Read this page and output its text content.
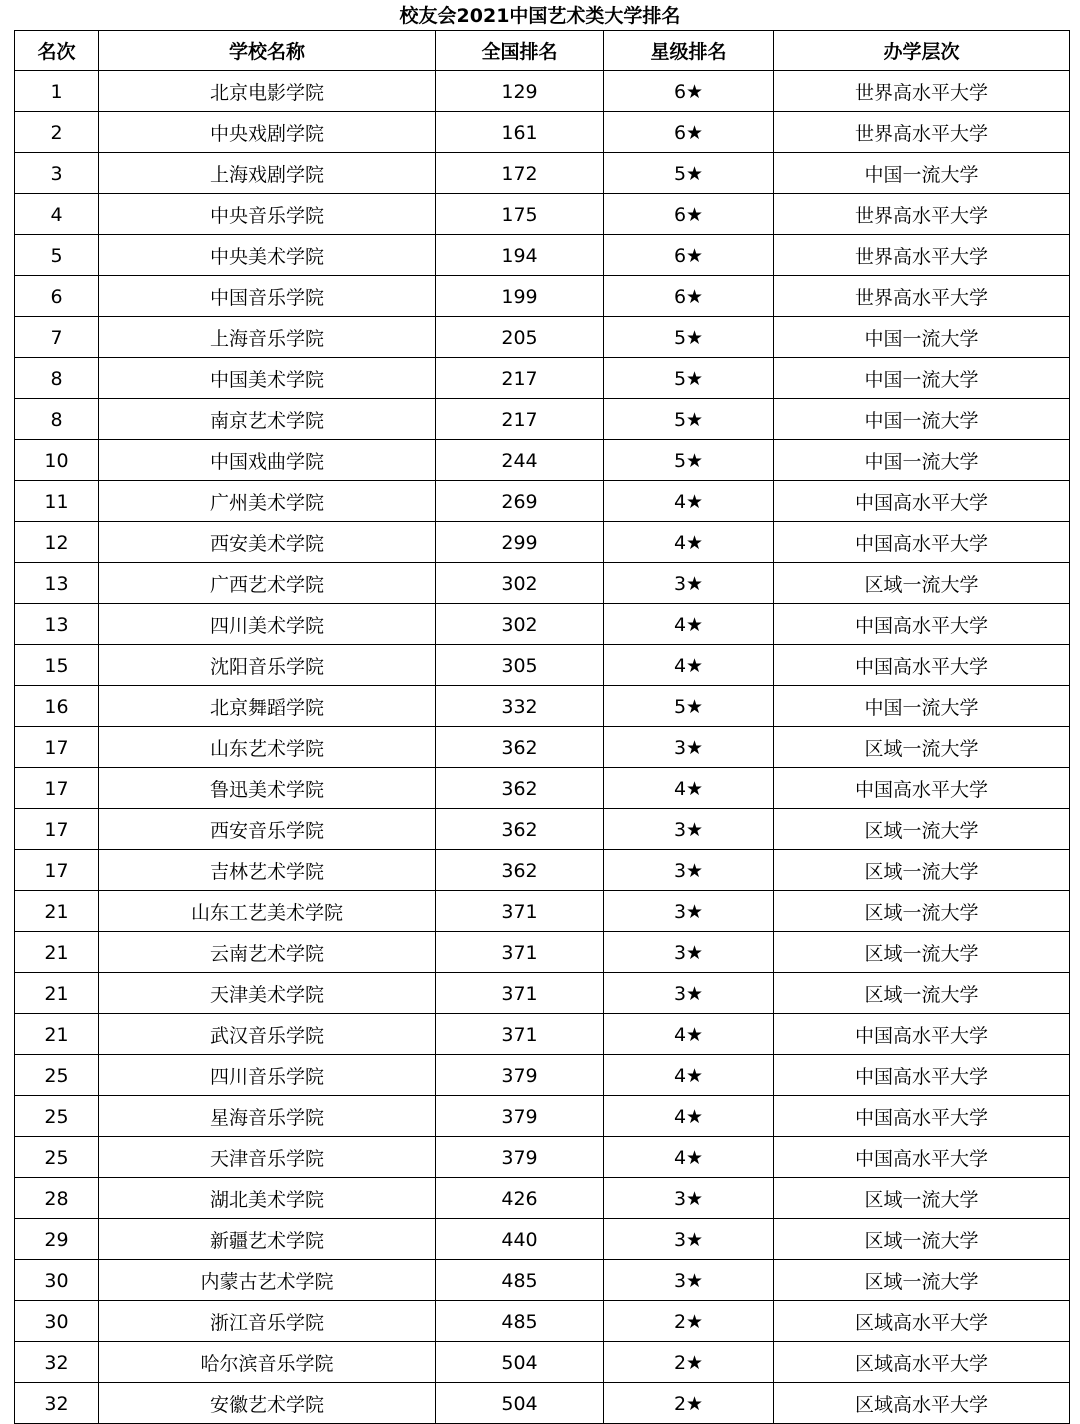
校友会2021中国艺术类大学排名
名次	学校名称	全国排名	星级排名	办学层次
1	北京电影学院	129	6★	世界高水平大学
2	中央戏剧学院	161	6★	世界高水平大学
3	上海戏剧学院	172	5★	中国一流大学
4	中央音乐学院	175	6★	世界高水平大学
5	中央美术学院	194	6★	世界高水平大学
6	中国音乐学院	199	6★	世界高水平大学
7	上海音乐学院	205	5★	中国一流大学
8	中国美术学院	217	5★	中国一流大学
8	南京艺术学院	217	5★	中国一流大学
10	中国戏曲学院	244	5★	中国一流大学
11	广州美术学院	269	4★	中国高水平大学
12	西安美术学院	299	4★	中国高水平大学
13	广西艺术学院	302	3★	区域一流大学
13	四川美术学院	302	4★	中国高水平大学
15	沈阳音乐学院	305	4★	中国高水平大学
16	北京舞蹈学院	332	5★	中国一流大学
17	山东艺术学院	362	3★	区域一流大学
17	鲁迅美术学院	362	4★	中国高水平大学
17	西安音乐学院	362	3★	区域一流大学
17	吉林艺术学院	362	3★	区域一流大学
21	山东工艺美术学院	371	3★	区域一流大学
21	云南艺术学院	371	3★	区域一流大学
21	天津美术学院	371	3★	区域一流大学
21	武汉音乐学院	371	4★	中国高水平大学
25	四川音乐学院	379	4★	中国高水平大学
25	星海音乐学院	379	4★	中国高水平大学
25	天津音乐学院	379	4★	中国高水平大学
28	湖北美术学院	426	3★	区域一流大学
29	新疆艺术学院	440	3★	区域一流大学
30	内蒙古艺术学院	485	3★	区域一流大学
30	浙江音乐学院	485	2★	区域高水平大学
32	哈尔滨音乐学院	504	2★	区域高水平大学
32	安徽艺术学院	504	2★	区域高水平大学
